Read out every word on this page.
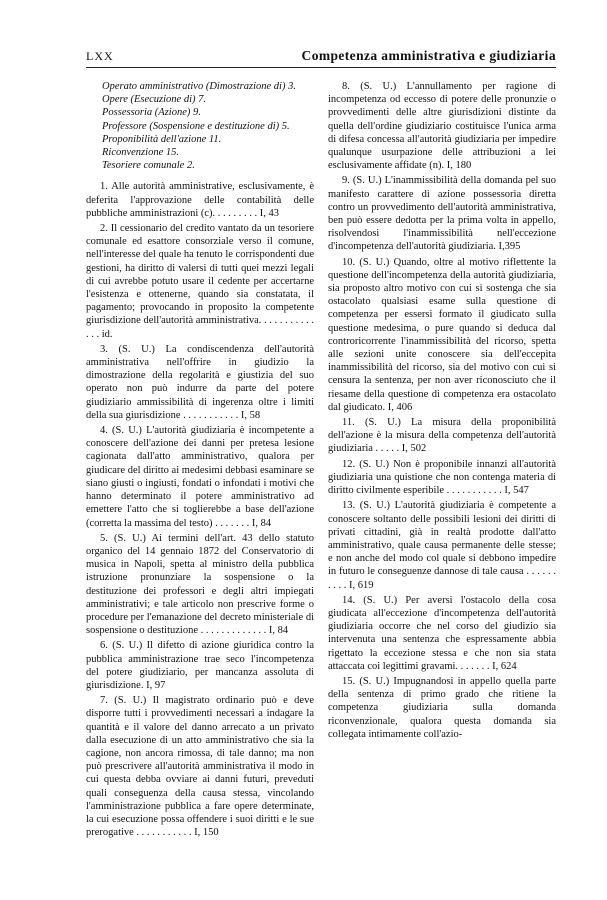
LXX	Competenza amministrativa e giudiziaria
Operato amministrativo (Dimostrazione di) 3.
Opere (Esecuzione di) 7.
Possessoria (Azione) 9.
Professore (Sospensione e destituzione di) 5.
Proponibilità dell'azione 11.
Riconvenzione 15.
Tesoriere comunale 2.

1. Alle autorità amministrative, esclusivamente, è deferita l'approvazione delle contabilità delle pubbliche amministrazioni (c). . . . . . . . . I, 43

2. Il cessionario del credito vantato da un tesoriere comunale ed esattore consorziale verso il comune, nell'interesse del quale ha tenuto le corrispondenti due gestioni, ha diritto di valersi di tutti quei mezzi legali di cui avrebbe potuto usare il cedente per accertarne l'esistenza e ottenerne, quando sia constatata, il pagamento; provocando in proposito la competente giurisdizione dell'autorità amministrativa. . . . . . . . . . . . . . id.

3. (S. U.) La condiscendenza dell'autorità amministrativa nell'offrire in giudizio la dimostrazione della regolarità e giustizia del suo operato non può indurre da parte del potere giudiziario ammissibilità di ingerenza oltre i limiti della sua giurisdizione . . . . . . . . . . . I, 58

4. (S. U.) L'autorità giudiziaria è incompetente a conoscere dell'azione dei danni per pretesa lesione cagionata dall'atto amministrativo, qualora per giudicare del diritto ai medesimi debbasi esaminare se siano giusti o ingiusti, fondati o infondati i motivi che hanno determinato il potere amministrativo ad emettere l'atto che si toglierebbe a base dell'azione (corretta la massima del testo) . . . . . . . I, 84

5. (S. U.) Ai termini dell'art. 43 dello statuto organico del 14 gennaio 1872 del Conservatorio di musica in Napoli, spetta al ministro della pubblica istruzione pronunziare la sospensione o la destituzione dei professori e degli altri impiegati amministrativi; e tale articolo non prescrive forme o procedure per l'emanazione del decreto ministeriale di sospensione o destituzione . . . . . . . . . . . . . I, 84

6. (S. U.) Il difetto di azione giuridica contro la pubblica amministrazione trae seco l'incompetenza del potere giudiziario, per mancanza assoluta di giurisdizione. I, 97

7. (S. U.) Il magistrato ordinario può e deve disporre tutti i provvedimenti necessari a indagare la quantità e il valore del danno arrecato a un privato dalla esecuzione di un atto amministrativo che sia la cagione, non ancora rimossa, di tale danno; ma non può prescrivere all'autorità amministrativa il modo in cui questa debba ovviare ai danni futuri, preveduti quali conseguenza della causa stessa, vincolando l'amministrazione pubblica a fare opere determinate, la cui esecuzione possa offendere i suoi diritti e le sue prerogative . . . . . . . . . . . I, 150

8. (S. U.) L'annullamento per ragione di incompetenza od eccesso di potere delle pronunzie o provvedimenti delle altre giurisdizioni distinte da quella dell'ordine giudiziario costituisce l'unica arma di difesa concessa all'autorità giudiziaria per impedire qualunque usurpazione delle attribuzioni a lei esclusivamente affidate (n). I, 180

9. (S. U.) L'inammissibilità della domanda pel suo manifesto carattere di azione possessoria diretta contro un provvedimento dell'autorità amministrativa, ben può essere dedotta per la prima volta in appello, risolvendosi l'inammissibilità nell'eccezione d'incompetenza dell'autorità giudiziaria. I,395

10. (S. U.) Quando, oltre al motivo riflettente la questione dell'incompetenza della autorità giudiziaria, sia proposto altro motivo con cui si sostenga che sia ostacolato qualsiasi esame sulla questione di competenza per essersi formato il giudicato sulla questione medesima, o pure quando si deduca dal controricorrente l'inammissibilità del ricorso, spetta alle sezioni unite conoscere sia dell'eccepita inammissibilità del ricorso, sia del motivo con cui si censura la sentenza, per non aver riconosciuto che il riesame della questione di competenza era ostacolato dal giudicato. I, 406

11. (S. U.) La misura della proponibilità dell'azione è la misura della competenza dell'autorità giudiziaria . . . . . I, 502

12. (S. U.) Non è proponibile innanzi all'autorità giudiziaria una quistione che non contenga materia di diritto civilmente esperibile . . . . . . . . . . . I, 547

13. (S. U.) L'autorità giudiziaria è competente a conoscere soltanto delle possibili lesioni dei diritti di privati cittadini, già in realtà prodotte dall'atto amministrativo, quale causa permanente delle stesse; e non anche del modo col quale si debbono impedire in futuro le conseguenze dannose di tale causa . . . . . . . . . . I, 619

14. (S. U.) Per aversi l'ostacolo della cosa giudicata all'eccezione d'incompetenza dell'autorità giudiziaria occorre che nel corso del giudizio sia intervenuta una sentenza che espressamente abbia rigettato la eccezione stessa e che non sia stata attaccata coi legittimi gravami. . . . . . . I, 624

15. (S. U.) Impugnandosi in appello quella parte della sentenza di primo grado che ritiene la competenza giudiziaria sulla domanda riconvenzionale, qualora questa domanda sia collegata intimamente coll'azio-
